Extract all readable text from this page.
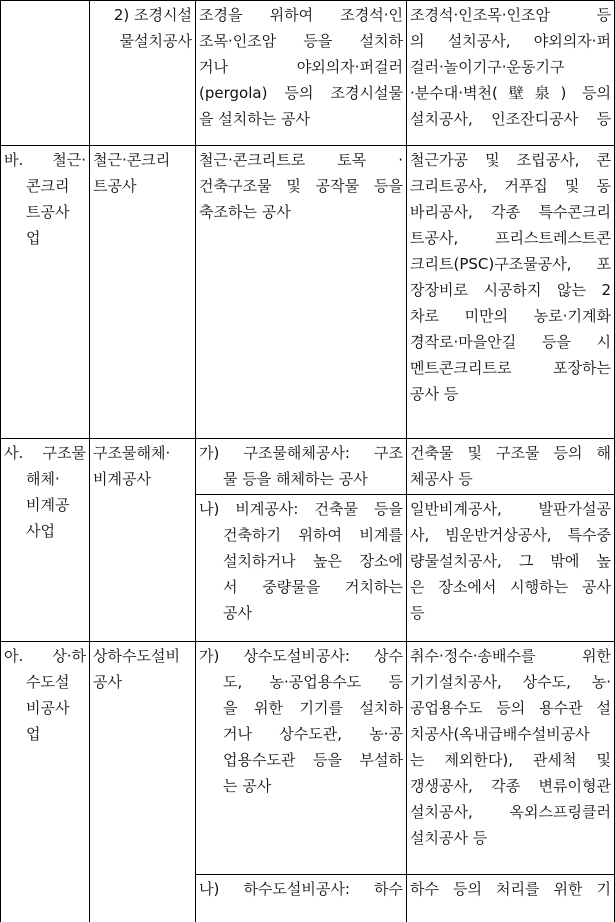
2) 조경시설
물설치공사
조경을 위하여 조경석·인
조목·인조암 등을 설치하
거나 야외의자·퍼걸러
(pergola) 등의 조경시설물
을 설치하는 공사
조경석·인조목·인조암 등
의 설치공사, 야외의자·퍼
걸러·놀이기구·운동기구
·분수대·벽천(壁泉) 등의
설치공사, 인조잔디공사 등
바. 철근·
콘크리
트공사
업
철근·콘크리
트공사
철근·콘크리트로 토목 ·
건축구조물 및 공작물 등을
축조하는 공사
철근가공 및 조립공사, 콘
크리트공사, 거푸집 및 동
바리공사, 각종 특수콘크리
트공사, 프리스트레스트콘
크리트(PSC)구조물공사, 포
장장비로 시공하지 않는 2
차로 미만의 농로·기계화
경작로·마을안길 등을 시
멘트콘크리트로 포장하는
공사 등
사. 구조물
해체·
비계공
사업
구조물해체·
비계공사
가) 구조물해체공사: 구조
물 등을 해체하는 공사
건축물 및 구조물 등의 해
체공사 등
나) 비계공사: 건축물 등을
건축하기 위하여 비계를
설치하거나 높은 장소에
서 중량물을 거치하는
공사
일반비계공사, 발판가설공
사, 빔운반거상공사, 특수중
량물설치공사, 그 밖에 높
은 장소에서 시행하는 공사
등
아. 상·하
수도설
비공사
업
상하수도설비
공사
가) 상수도설비공사: 상수
도, 농·공업용수도 등
을 위한 기기를 설치하
거나 상수도관, 농·공
업용수도관 등을 부설하
는 공사
취수·정수·송배수를 위한
기기설치공사, 상수도, 농·
공업용수도 등의 용수관 설
치공사(옥내급배수설비공사
는 제외한다), 관세척 및
갱생공사, 각종 변류이형관
설치공사, 옥외스프링클러
설치공사 등
나) 하수도설비공사: 하수 하수 등의 처리를 위한 기
